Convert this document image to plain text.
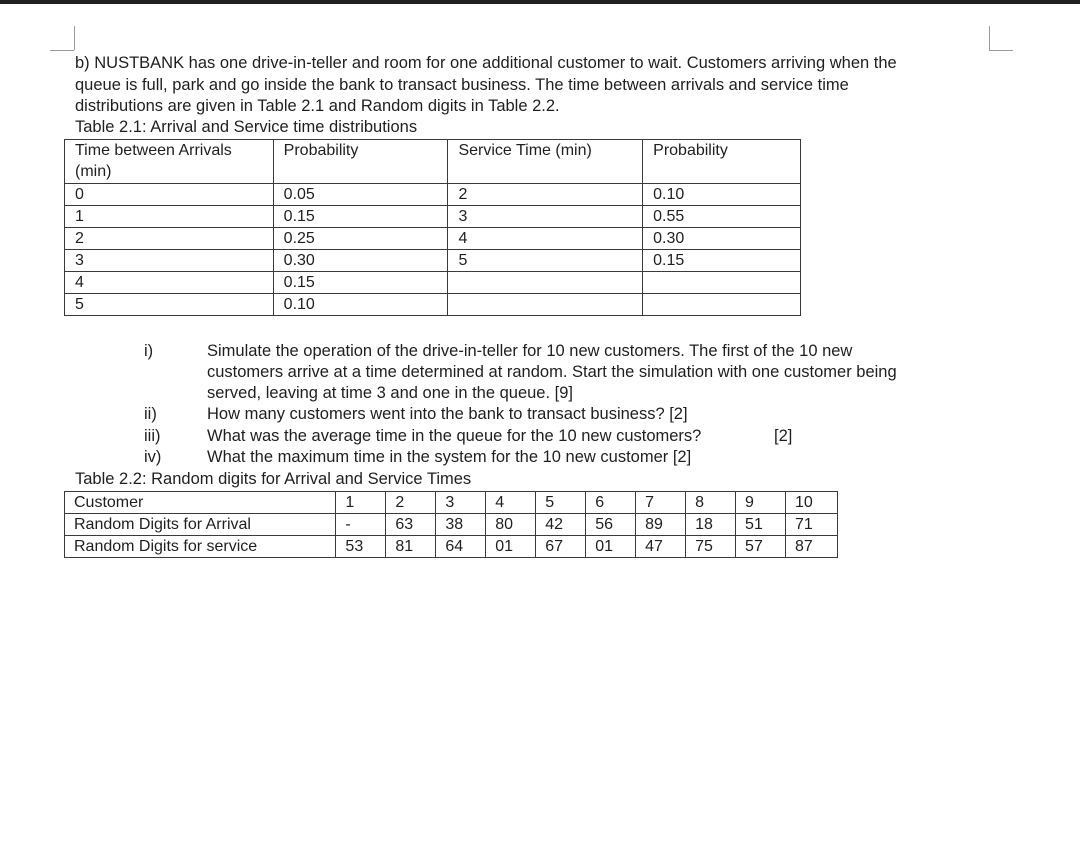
b) NUSTBANK has one drive-in-teller and room for one additional customer to wait. Customers arriving when the
queue is full, park and go inside the bank to transact business. The time between arrivals and service time
distributions are given in Table 2.1 and Random digits in Table 2.2.
Table 2.1: Arrival and Service time distributions
Time between Arrivals
(min)	Probability	Service Time (min)	Probability
0	0.05	2	0.10
1	0.15	3	0.55
2	0.25	4	0.30
3	0.30	5	0.15
4	0.15		
5	0.10		
i)	Simulate the operation of the drive-in-teller for 10 new customers. The first of the 10 new
customers arrive at a time determined at random. Start the simulation with one customer being
served, leaving at time 3 and one in the queue. [9]
ii)	How many customers went into the bank to transact business? [2]
iii)	What was the average time in the queue for the 10 new customers?	[2]
iv)	What the maximum time in the system for the 10 new customer [2]
Table 2.2: Random digits for Arrival and Service Times
Customer	1	2	3	4	5	6	7	8	9	10
Random Digits for Arrival	-	63	38	80	42	56	89	18	51	71
Random Digits for service	53	81	64	01	67	01	47	75	57	87
